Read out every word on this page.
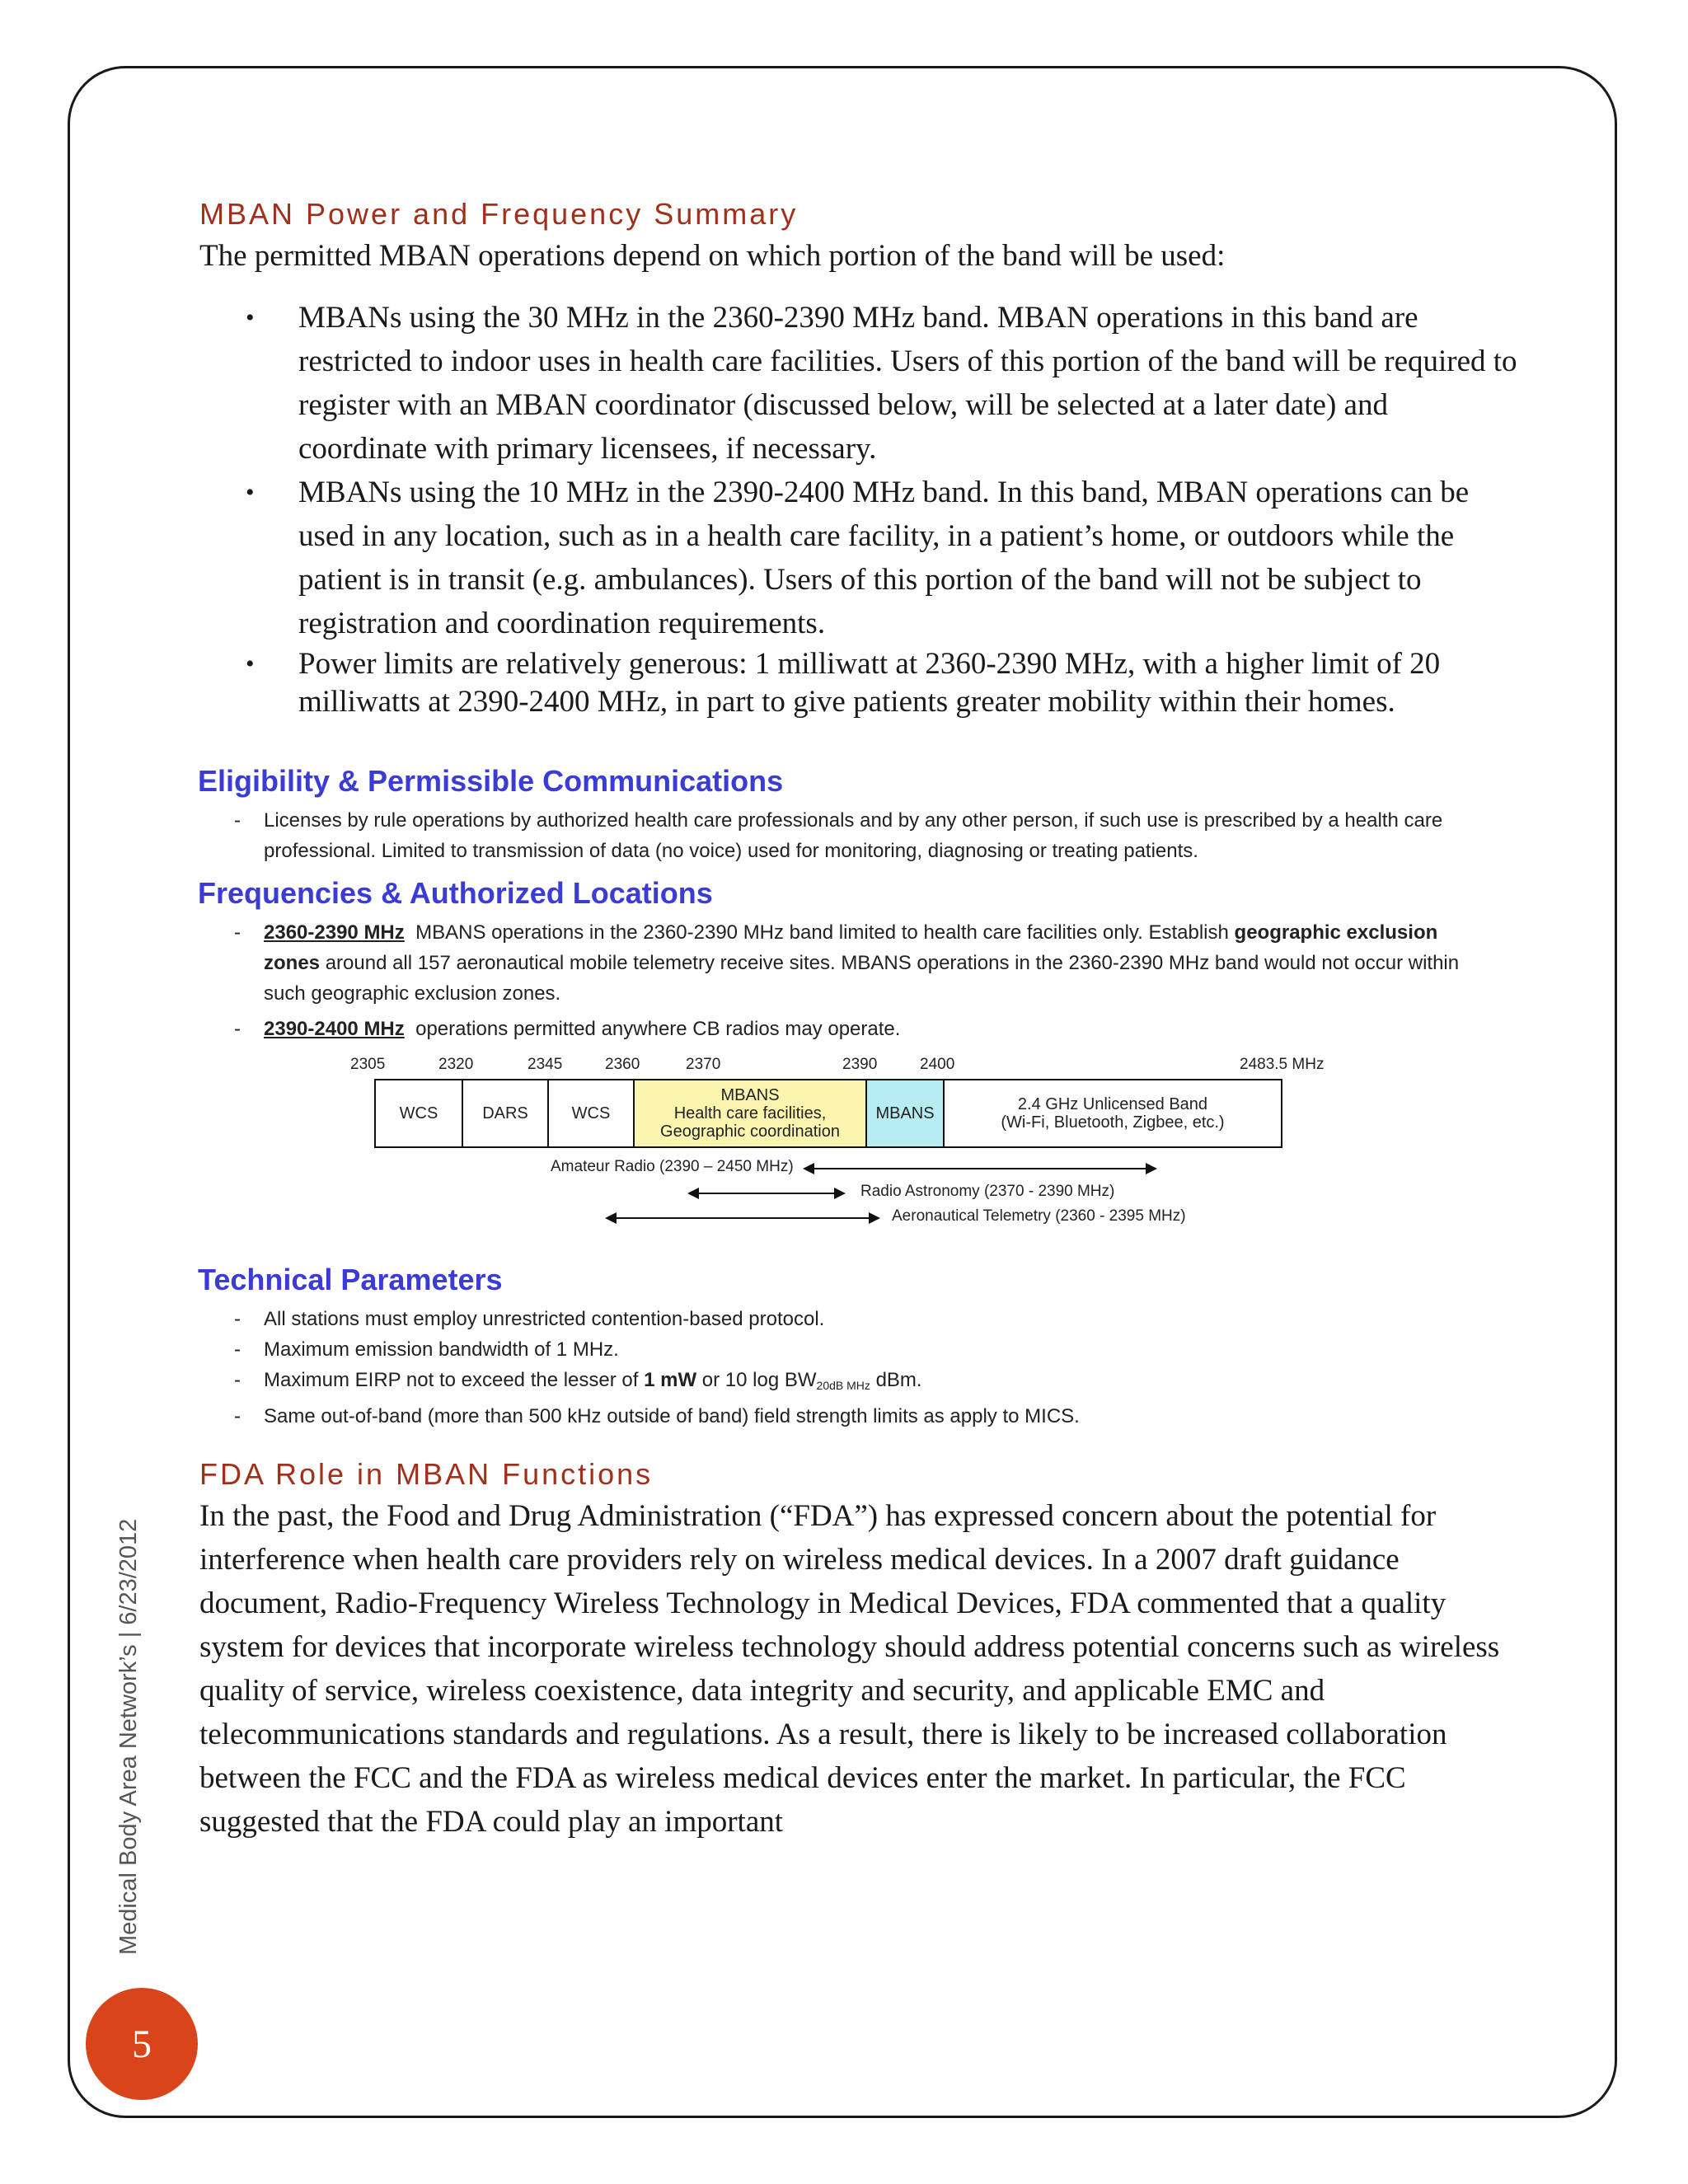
MBAN Power and Frequency Summary

The permitted MBAN operations depend on which portion of the band will be used:

• MBANs using the 30 MHz in the 2360-2390 MHz band. MBAN operations in this band are restricted to indoor uses in health care facilities. Users of this portion of the band will be required to register with an MBAN coordinator (discussed below, will be selected at a later date) and coordinate with primary licensees, if necessary.
• MBANs using the 10 MHz in the 2390-2400 MHz band. In this band, MBAN operations can be used in any location, such as in a health care facility, in a patient’s home, or outdoors while the patient is in transit (e.g. ambulances). Users of this portion of the band will not be subject to registration and coordination requirements.
• Power limits are relatively generous: 1 milliwatt at 2360-2390 MHz, with a higher limit of 20 milliwatts at 2390-2400 MHz, in part to give patients greater mobility within their homes.
Eligibility & Permissible Communications
- Licenses by rule operations by authorized health care professionals and by any other person, if such use is prescribed by a health care professional. Limited to transmission of data (no voice) used for monitoring, diagnosing or treating patients.
Frequencies & Authorized Locations
- 2360-2390 MHz MBANS operations in the 2360-2390 MHz band limited to health care facilities only. Establish geographic exclusion zones around all 157 aeronautical mobile telemetry receive sites. MBANS operations in the 2360-2390 MHz band would not occur within such geographic exclusion zones.
- 2390-2400 MHz operations permitted anywhere CB radios may operate.
2305	2320	2345	2360	2370	2390	2400	2483.5 MHz
WCS	DARS	WCS
MBANS
Health care facilities,
Geographic coordination
MBANS	2.4 GHz Unlicensed Band
(Wi-Fi, Bluetooth, Zigbee, etc.)
Amateur Radio (2390 – 2450 MHz)
Radio Astronomy (2370 - 2390 MHz)
Aeronautical Telemetry (2360 - 2395 MHz)
Technical Parameters
- All stations must employ unrestricted contention-based protocol.
- Maximum emission bandwidth of 1 MHz.
- Maximum EIRP not to exceed the lesser of 1 mW or 10 $\log BW_{20dB MHz}$ dBm.
- Same out-of-band (more than 500 kHz outside of band) field strength limits as apply to MICS.
FDA Role in MBAN Functions

In the past, the Food and Drug Administration (“FDA”) has expressed concern about the potential for interference when health care providers rely on wireless medical devices. In a 2007 draft guidance document, Radio-Frequency Wireless Technology in Medical Devices, FDA commented that a quality system for devices that incorporate wireless technology should address potential concerns such as wireless quality of service, wireless coexistence, data integrity and security, and applicable EMC and telecommunications standards and regulations. As a result, there is likely to be increased collaboration between the FCC and the FDA as wireless medical devices enter the market. In particular, the FCC suggested that the FDA could play an important

Medical Body Area Network’s | 6/23/2012
5
